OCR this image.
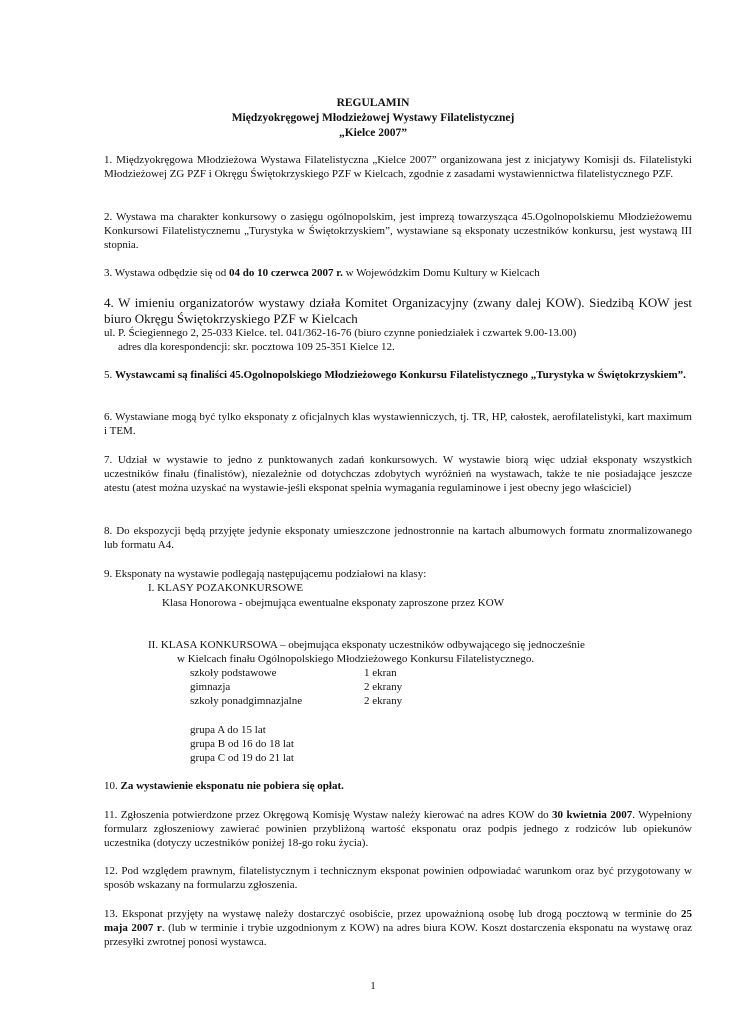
REGULAMIN
Międzyokręgowej Młodzieżowej Wystawy Filatelistycznej
„Kielce 2007”
1. Międzyokręgowa Młodzieżowa Wystawa Filatelistyczna „Kielce 2007” organizowana jest z inicjatywy Komisji ds. Filatelistyki Młodzieżowej ZG PZF i Okręgu Świętokrzyskiego PZF w Kielcach, zgodnie z zasadami wystawiennictwa filatelistycznego PZF.
2. Wystawa ma charakter konkursowy o zasięgu ogólnopolskim, jest imprezą towarzysząca 45.Ogolnopolskiemu Młodzieżowemu Konkursowi Filatelistycznemu „Turystyka w Świętokrzyskiem”, wystawiane są eksponaty uczestników konkursu, jest wystawą III stopnia.
3. Wystawa odbędzie się od 04 do 10 czerwca 2007 r. w Wojewódzkim Domu Kultury w Kielcach
4. W imieniu organizatorów wystawy działa Komitet Organizacyjny (zwany dalej KOW). Siedzibą KOW jest biuro Okręgu Świętokrzyskiego PZF w Kielcach
ul. P. Ściegiennego 2, 25-033 Kielce. tel. 041/362-16-76 (biuro czynne poniedziałek i czwartek 9.00-13.00)
adres dla korespondencji: skr. pocztowa 109 25-351 Kielce 12.
5. Wystawcami są finaliści 45.Ogolnopolskiego Młodzieżowego Konkursu Filatelistycznego „Turystyka w Świętokrzyskiem”.
6. Wystawiane mogą być tylko eksponaty z oficjalnych klas wystawienniczych, tj. TR, HP, całostek, aerofilatelistyki, kart maximum i TEM.
7. Udział w wystawie to jedno z punktowanych zadań konkursowych. W wystawie biorą więc udział eksponaty wszystkich uczestników finału (finalistów), niezależnie od dotychczas zdobytych wyróżnień na wystawach, także te nie posiadające jeszcze atestu (atest można uzyskać na wystawie-jeśli eksponat spełnia wymagania regulaminowe i jest obecny jego właściciel)
8. Do ekspozycji będą przyjęte jedynie eksponaty umieszczone jednostronnie na kartach albumowych formatu znormalizowanego lub formatu A4.
9. Eksponaty na wystawie podlegają następującemu podziałowi na klasy:
I. KLASY POZAKONKURSOWE
Klasa Honorowa - obejmująca ewentualne eksponaty zaproszone przez KOW
II. KLASA KONKURSOWA – obejmująca eksponaty uczestników odbywającego się jednocześnie
w Kielcach finału Ogólnopolskiego Młodzieżowego Konkursu Filatelistycznego.
szkoły podstawowe	1 ekran
gimnazja	2 ekrany
szkoły ponadgimnazjalne	2 ekrany
grupa A do 15 lat
grupa B od 16 do 18 lat
grupa C od 19 do 21 lat
10. Za wystawienie eksponatu nie pobiera się opłat.
11. Zgłoszenia potwierdzone przez Okręgową Komisję Wystaw należy kierować na adres KOW do 30 kwietnia 2007. Wypełniony formularz zgłoszeniowy zawierać powinien przybliżoną wartość eksponatu oraz podpis jednego z rodziców lub opiekunów uczestnika (dotyczy uczestników poniżej 18-go roku życia).
12. Pod względem prawnym, filatelistycznym i technicznym eksponat powinien odpowiadać warunkom oraz być przygotowany w sposób wskazany na formularzu zgłoszenia.
13. Eksponat przyjęty na wystawę należy dostarczyć osobiście, przez upoważnioną osobę lub drogą pocztową w terminie do 25 maja 2007 r. (lub w terminie i trybie uzgodnionym z KOW) na adres biura KOW. Koszt dostarczenia eksponatu na wystawę oraz przesyłki zwrotnej ponosi wystawca.
1
